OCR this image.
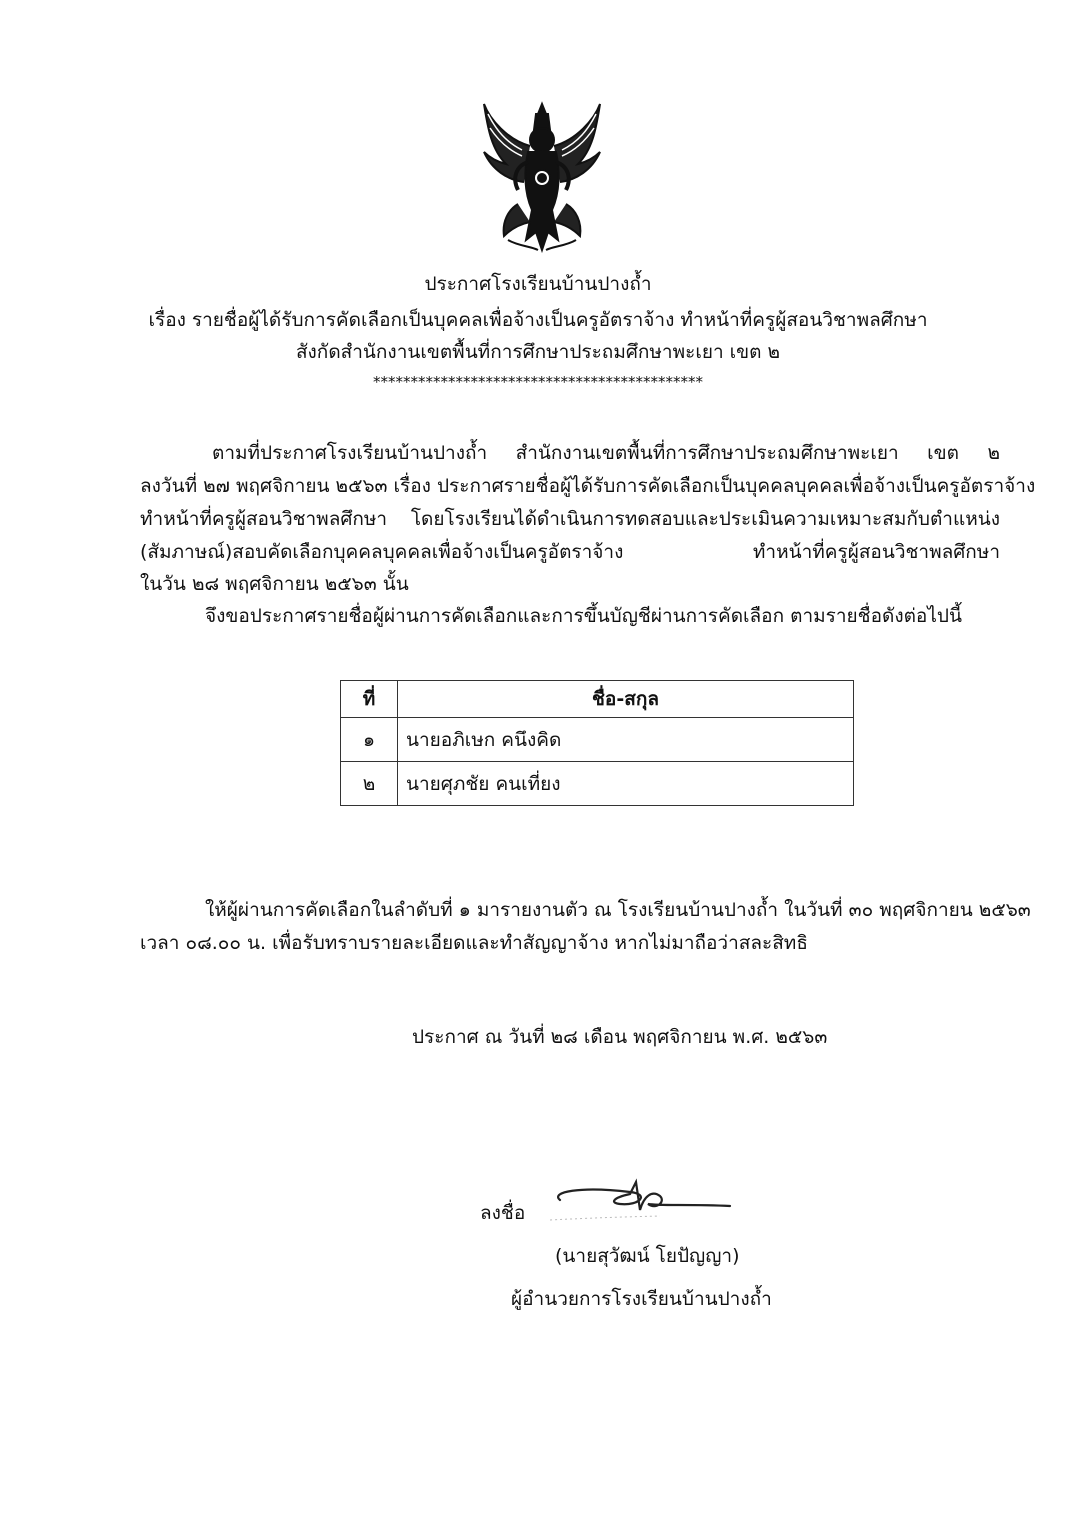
ประกาศโรงเรียนบ้านปางถ้ำ
เรื่อง รายชื่อผู้ได้รับการคัดเลือกเป็นบุคคลเพื่อจ้างเป็นครูอัตราจ้าง ทำหน้าที่ครูผู้สอนวิชาพลศึกษา
สังกัดสำนักงานเขตพื้นที่การศึกษาประถมศึกษาพะเยา เขต ๒
********************************************
ตามที่ประกาศโรงเรียนบ้านปางถ้ำ สำนักงานเขตพื้นที่การศึกษาประถมศึกษาพะเยา เขต ๒
ลงวันที่ ๒๗ พฤศจิกายน ๒๕๖๓ เรื่อง ประกาศรายชื่อผู้ได้รับการคัดเลือกเป็นบุคคลบุคคลเพื่อจ้างเป็นครูอัตราจ้าง
ทำหน้าที่ครูผู้สอนวิชาพลศึกษา โดยโรงเรียนได้ดำเนินการทดสอบและประเมินความเหมาะสมกับตำแหน่ง
(สัมภาษณ์)สอบคัดเลือกบุคคลบุคคลเพื่อจ้างเป็นครูอัตราจ้าง ทำหน้าที่ครูผู้สอนวิชาพลศึกษา
ในวัน ๒๘ พฤศจิกายน ๒๕๖๓ นั้น
จึงขอประกาศรายชื่อผู้ผ่านการคัดเลือกและการขึ้นบัญชีผ่านการคัดเลือก ตามรายชื่อดังต่อไปนี้
ที่	ชื่อ-สกุล
๑	นายอภิเษก คนึงคิด
๒	นายศุภชัย คนเที่ยง
ให้ผู้ผ่านการคัดเลือกในลำดับที่ ๑ มารายงานตัว ณ โรงเรียนบ้านปางถ้ำ ในวันที่ ๓๐ พฤศจิกายน ๒๕๖๓
เวลา ๐๘.๐๐ น. เพื่อรับทราบรายละเอียดและทำสัญญาจ้าง หากไม่มาถือว่าสละสิทธิ
ประกาศ ณ วันที่ ๒๘ เดือน พฤศจิกายน พ.ศ. ๒๕๖๓
ลงชื่อ
(นายสุวัฒน์ โยปัญญา)
ผู้อำนวยการโรงเรียนบ้านปางถ้ำ
